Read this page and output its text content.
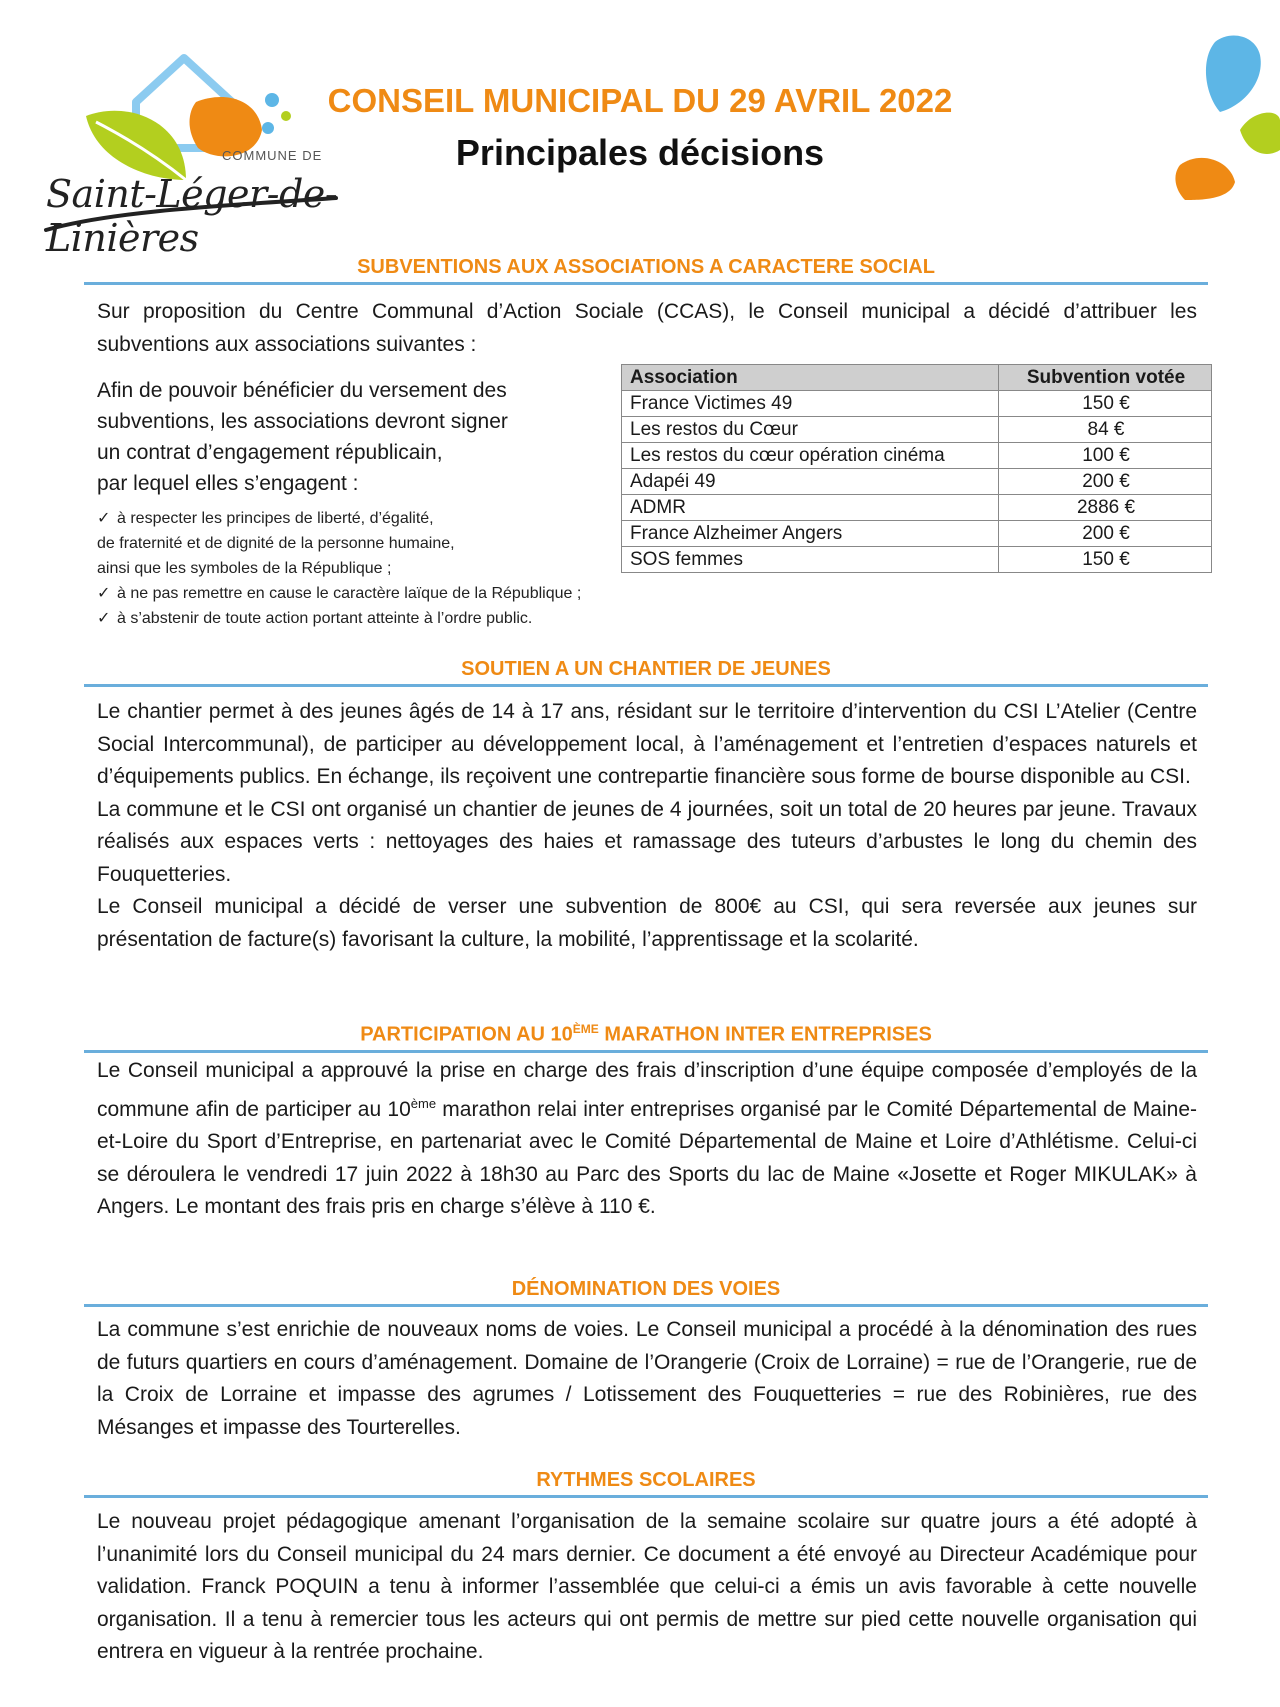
COMMUNE DE
Saint-Léger-de-Linières
CONSEIL MUNICIPAL DU 29 AVRIL 2022
Principales décisions
SUBVENTIONS AUX ASSOCIATIONS A CARACTERE SOCIAL

Sur proposition du Centre Communal d’Action Sociale (CCAS), le Conseil municipal a décidé d’attribuer les subventions aux associations suivantes :

Afin de pouvoir bénéficier du versement des
subventions, les associations devront signer
un contrat d’engagement républicain,
par lequel elles s’engagent :
✓ à respecter les principes de liberté, d’égalité,
de fraternité et de dignité de la personne humaine,
ainsi que les symboles de la République ;
✓ à ne pas remettre en cause le caractère laïque de la République ;
✓ à s’abstenir de toute action portant atteinte à l’ordre public.
Association	Subvention votée
France Victimes 49	150 €
Les restos du Cœur	84 €
Les restos du cœur opération cinéma	100 €
Adapéi 49	200 €
ADMR	2886 €
France Alzheimer Angers	200 €
SOS femmes	150 €
SOUTIEN A UN CHANTIER DE JEUNES

Le chantier permet à des jeunes âgés de 14 à 17 ans, résidant sur le territoire d’intervention du CSI L’Atelier (Centre Social Intercommunal), de participer au développement local, à l’aménagement et l’entretien d’espaces naturels et d’équipements publics. En échange, ils reçoivent une contrepartie financière sous forme de bourse disponible au CSI.

La commune et le CSI ont organisé un chantier de jeunes de 4 journées, soit un total de 20 heures par jeune. Travaux réalisés aux espaces verts : nettoyages des haies et ramassage des tuteurs d’arbustes le long du chemin des Fouquetteries.

Le Conseil municipal a décidé de verser une subvention de 800€ au CSI, qui sera reversée aux jeunes sur présentation de facture(s) favorisant la culture, la mobilité, l’apprentissage et la scolarité.

PARTICIPATION AU 10ÈME MARATHON INTER ENTREPRISES

Le Conseil municipal a approuvé la prise en charge des frais d’inscription d’une équipe composée d’employés de la commune afin de participer au 10ème marathon relai inter entreprises organisé par le Comité Départemental de Maine-et-Loire du Sport d’Entreprise, en partenariat avec le Comité Départemental de Maine et Loire d’Athlétisme. Celui-ci se déroulera le vendredi 17 juin 2022 à 18h30 au Parc des Sports du lac de Maine «Josette et Roger MIKULAK» à Angers. Le montant des frais pris en charge s’élève à 110 €.

DÉNOMINATION DES VOIES

La commune s’est enrichie de nouveaux noms de voies. Le Conseil municipal a procédé à la dénomination des rues de futurs quartiers en cours d’aménagement. Domaine de l’Orangerie (Croix de Lorraine) = rue de l’Orangerie, rue de la Croix de Lorraine et impasse des agrumes / Lotissement des Fouquetteries = rue des Robinières, rue des Mésanges et impasse des Tourterelles.

RYTHMES SCOLAIRES

Le nouveau projet pédagogique amenant l’organisation de la semaine scolaire sur quatre jours a été adopté à l’unanimité lors du Conseil municipal du 24 mars dernier. Ce document a été envoyé au Directeur Académique pour validation. Franck POQUIN a tenu à informer l’assemblée que celui-ci a émis un avis favorable à cette nouvelle organisation. Il a tenu à remercier tous les acteurs qui ont permis de mettre sur pied cette nouvelle organisation qui entrera en vigueur à la rentrée prochaine.
